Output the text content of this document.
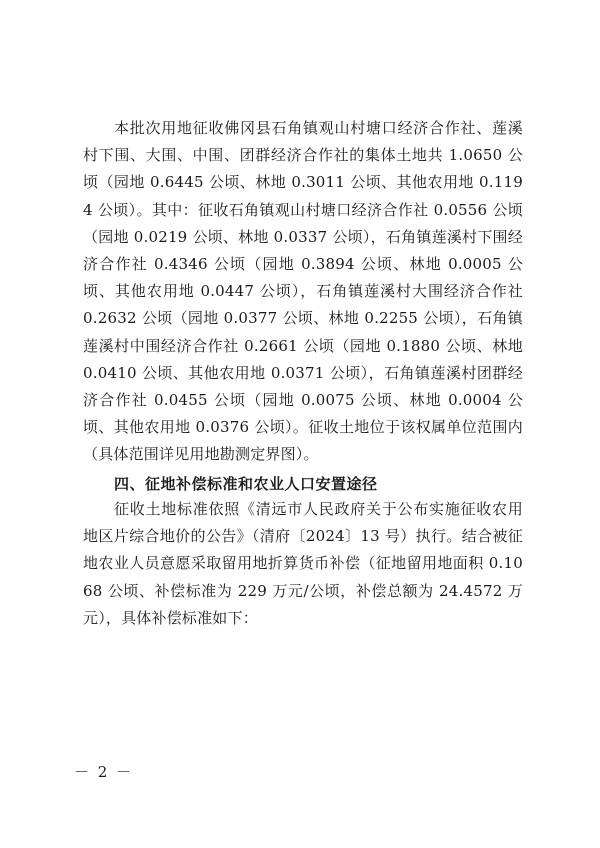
本批次用地征收佛冈县石角镇观山村塘口经济合作社、莲溪村下围、大围、中围、团群经济合作社的集体土地共 1.0650 公顷（园地 0.6445 公顷、林地 0.3011 公顷、其他农用地 0.1194 公顷）。其中：征收石角镇观山村塘口经济合作社 0.0556 公顷（园地 0.0219 公顷、林地 0.0337 公顷），石角镇莲溪村下围经济合作社 0.4346 公顷（园地 0.3894 公顷、林地 0.0005 公顷、其他农用地 0.0447 公顷），石角镇莲溪村大围经济合作社 0.2632 公顷（园地 0.0377 公顷、林地 0.2255 公顷），石角镇莲溪村中围经济合作社 0.2661 公顷（园地 0.1880 公顷、林地 0.0410 公顷、其他农用地 0.0371 公顷），石角镇莲溪村团群经济合作社 0.0455 公顷（园地 0.0075 公顷、林地 0.0004 公顷、其他农用地 0.0376 公顷）。征收土地位于该权属单位范围内（具体范围详见用地勘测定界图）。

四、征地补偿标准和农业人口安置途径

征收土地标准依照《清远市人民政府关于公布实施征收农用地区片综合地价的公告》（清府〔2024〕13 号）执行。结合被征地农业人员意愿采取留用地折算货币补偿（征地留用地面积 0.1068 公顷、补偿标准为 229 万元/公顷，补偿总额为 24.4572 万元），具体补偿标准如下：

－ 2 －
